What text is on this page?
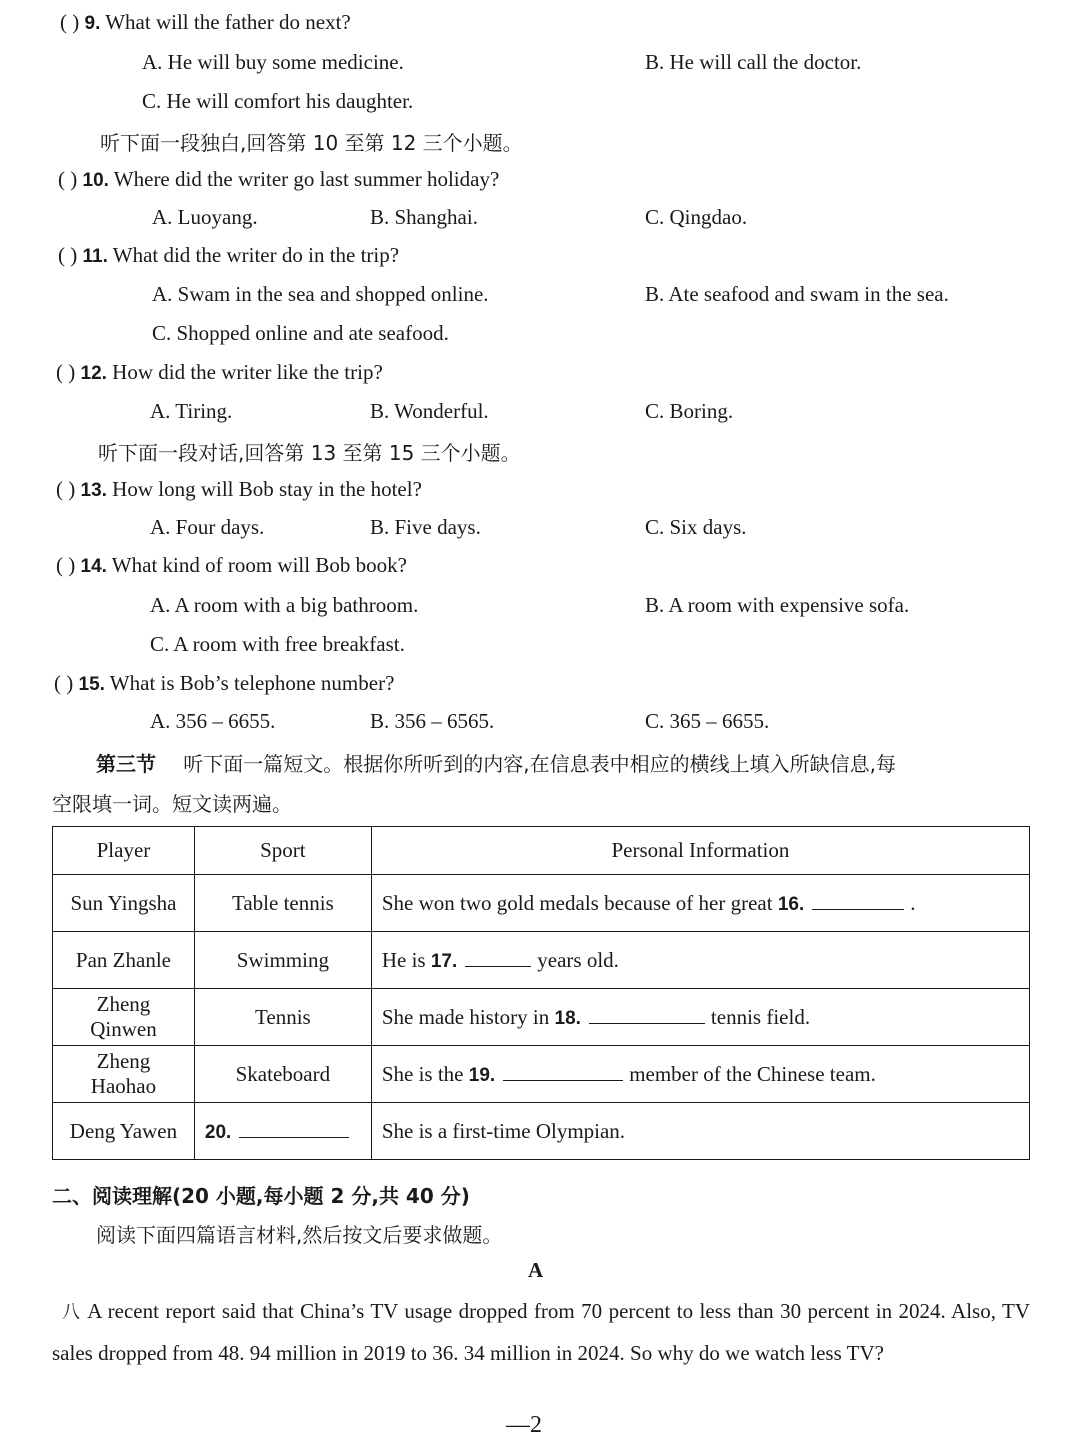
( ) 9. What will the father do next?
A. He will buy some medicine.	B. He will call the doctor.
C. He will comfort his daughter.
听下面一段独白,回答第 10 至第 12 三个小题。
( ) 10. Where did the writer go last summer holiday?
A. Luoyang.	B. Shanghai.	C. Qingdao.
( ) 11. What did the writer do in the trip?
A. Swam in the sea and shopped online.	B. Ate seafood and swam in the sea.
C. Shopped online and ate seafood.
( ) 12. How did the writer like the trip?
A. Tiring.	B. Wonderful.	C. Boring.
听下面一段对话,回答第 13 至第 15 三个小题。
( ) 13. How long will Bob stay in the hotel?
A. Four days.	B. Five days.	C. Six days.
( ) 14. What kind of room will Bob book?
A. A room with a big bathroom.	B. A room with expensive sofa.
C. A room with free breakfast.
( ) 15. What is Bob’s telephone number?
A. 356 – 6655.	B. 356 – 6565.	C. 365 – 6655.
第三节 听下面一篇短文。根据你所听到的内容,在信息表中相应的横线上填入所缺信息,每
空限填一词。短文读两遍。
Player	Sport	Personal Information
Sun Yingsha	Table tennis	She won two gold medals because of her great 16. .
Pan Zhanle	Swimming	He is 17. years old.
Zheng Qinwen	Tennis	She made history in 18. tennis field.
Zheng Haohao	Skateboard	She is the 19. member of the Chinese team.
Deng Yawen	20.	She is a first-time Olympian.
二、阅读理解(20 小题,每小题 2 分,共 40 分)
阅读下面四篇语言材料,然后按文后要求做题。
A
八 A recent report said that China’s TV usage dropped from 70 percent to less than 30 percent in 2024. Also, TV sales dropped from 48. 94 million in 2019 to 36. 34 million in 2024. So why do we watch less TV?
—2
